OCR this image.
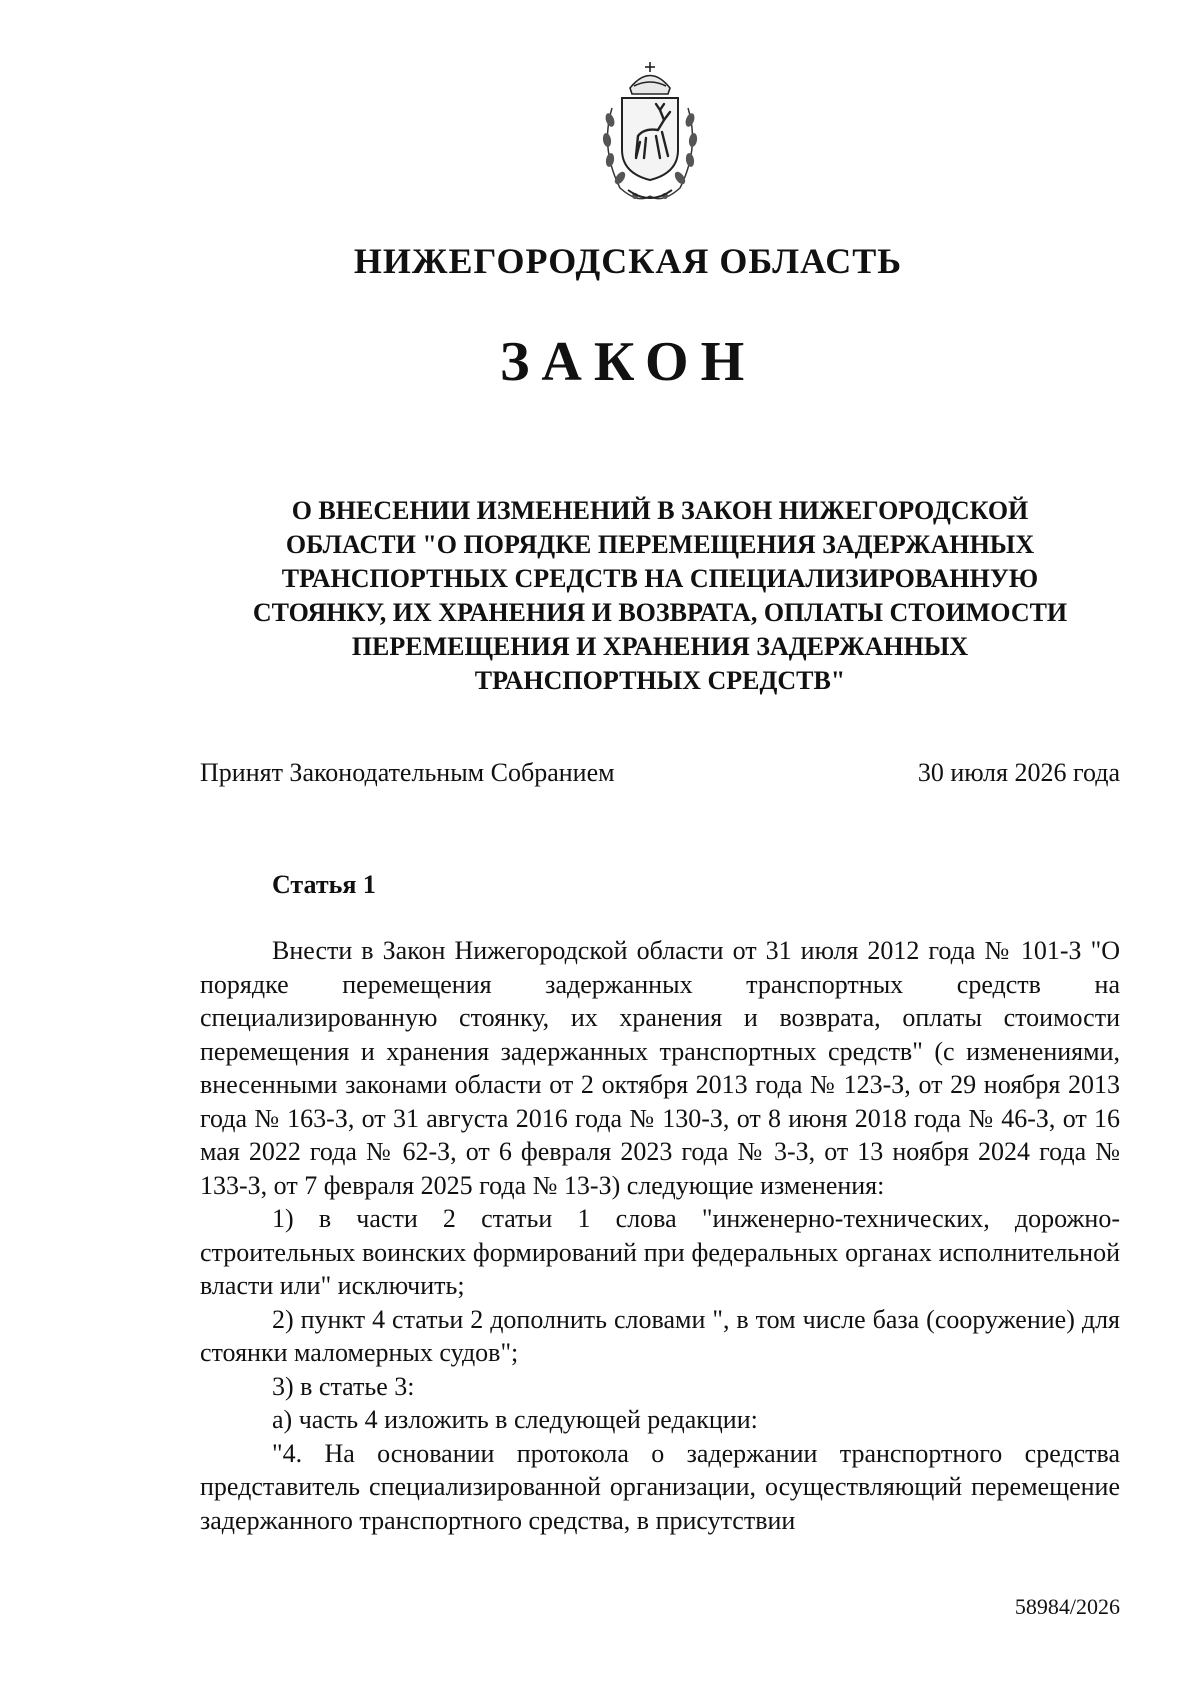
НИЖЕГОРОДСКАЯ ОБЛАСТЬ
ЗАКОН
О ВНЕСЕНИИ ИЗМЕНЕНИЙ В ЗАКОН НИЖЕГОРОДСКОЙ
ОБЛАСТИ "О ПОРЯДКЕ ПЕРЕМЕЩЕНИЯ ЗАДЕРЖАННЫХ
ТРАНСПОРТНЫХ СРЕДСТВ НА СПЕЦИАЛИЗИРОВАННУЮ
СТОЯНКУ, ИХ ХРАНЕНИЯ И ВОЗВРАТА, ОПЛАТЫ СТОИМОСТИ
ПЕРЕМЕЩЕНИЯ И ХРАНЕНИЯ ЗАДЕРЖАННЫХ
ТРАНСПОРТНЫХ СРЕДСТВ"
Принят Законодательным Собранием	30 июля 2026 года
Статья 1

Внести в Закон Нижегородской области от 31 июля 2012 года № 101-З "О порядке перемещения задержанных транспортных средств на специализированную стоянку, их хранения и возврата, оплаты стоимости перемещения и хранения задержанных транспортных средств" (с изменениями, внесенными законами области от 2 октября 2013 года № 123-З, от 29 ноября 2013 года № 163-З, от 31 августа 2016 года № 130-З, от 8 июня 2018 года № 46-З, от 16 мая 2022 года № 62-З, от 6 февраля 2023 года № 3-З, от 13 ноября 2024 года № 133-З, от 7 февраля 2025 года № 13-З) следующие изменения:

1) в части 2 статьи 1 слова "инженерно-технических, дорожно-строительных воинских формирований при федеральных органах исполнительной власти или" исключить;

2) пункт 4 статьи 2 дополнить словами ", в том числе база (сооружение) для стоянки маломерных судов";

3) в статье 3:

а) часть 4 изложить в следующей редакции:

"4. На основании протокола о задержании транспортного средства представитель специализированной организации, осуществляющий перемещение задержанного транспортного средства, в присутствии

58984/2026
